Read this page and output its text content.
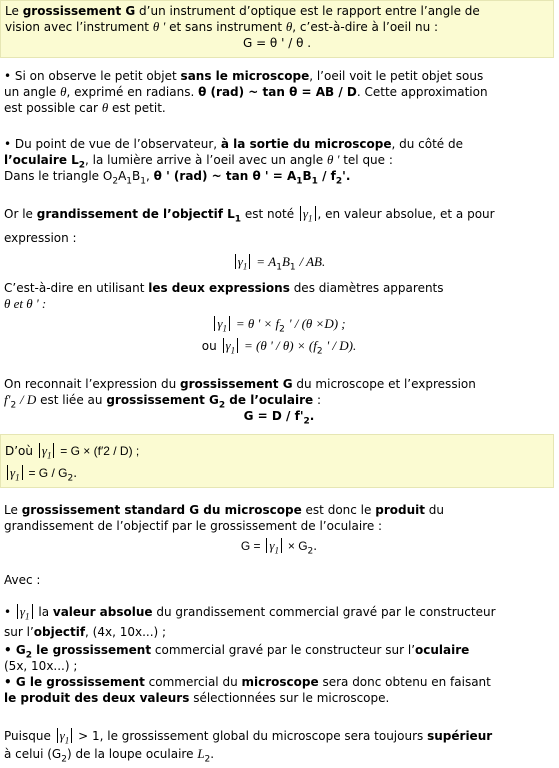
Le grossissement G d’un instrument d’optique est le rapport entre l’angle de

vision avec l’instrument θ ' et sans instrument θ, c’est-à-dire à l’oeil nu :

G = θ ' / θ .

• Si on observe le petit objet sans le microscope, l’oeil voit le petit objet sous

un angle θ, exprimé en radians. θ (rad) ~ tan θ = AB / D. Cette approximation

est possible car θ est petit.

• Du point de vue de l’observateur, à la sortie du microscope, du côté de

l’oculaire $L_2$, la lumière arrive à l’oeil avec un angle θ ' tel que :

Dans le triangle $O_2A_1B_1$, θ ' (rad) ~ tan θ ' = $A_1B_1 / f_2'$.

Or le grandissement de l’objectif $L_1$ est noté $\gamma_1$ , en valeur absolue, et a pour

expression :

$\gamma_1 = A_1B_1$ / AB.

C’est-à-dire en utilisant les deux expressions des diamètres apparents

θ et θ ' :

$\gamma_1 = \theta$ ' × $f_2$ ' / (θ ×D) ;

ou $\gamma_1 = (\theta$ ' / $\theta) \times (f_2$ ' / D).

On reconnait l’expression du grossissement G du microscope et l’expression

$f'_2$ / D est liée au grossissement $G_2$ de l’oculaire :

$G = D / f'_2$.

D’où $\gamma_1 = G \times (f'2 / D)$ ;

$\gamma_1 = G / G_2$.

Le grossissement standard G du microscope est donc le produit du

grandissement de l’objectif par le grossissement de l’oculaire :

$G = \gamma_1 \times G_2$.

Avec :

• $\gamma_1$ la valeur absolue du grandissement commercial gravé par le constructeur

sur l’objectif, (4x, 10x...) ;

• $G_2$ le grossissement commercial gravé par le constructeur sur l’oculaire

(5x, 10x...) ;

• G le grossissement commercial du microscope sera donc obtenu en faisant

le produit des deux valeurs sélectionnées sur le microscope.

Puisque $\gamma_1 > 1$, le grossissement global du microscope sera toujours supérieur

à celui $(G_2)$ de la loupe oculaire $L_2$.
